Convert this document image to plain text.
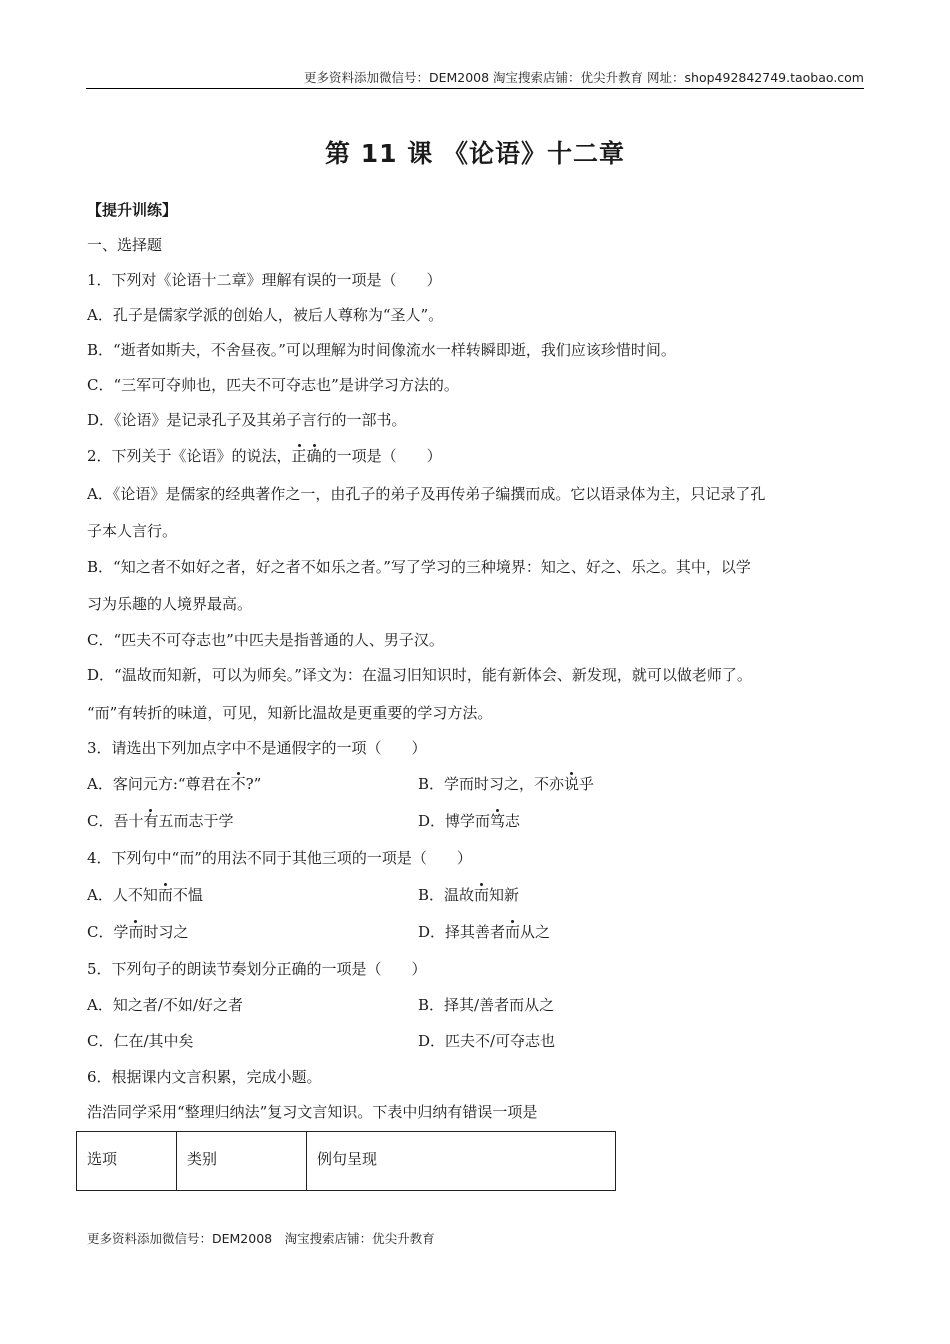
更多资料添加微信号：DEM2008 淘宝搜索店铺：优尖升教育 网址：shop492842749.taobao.com
第 11 课 《论语》十二章
【提升训练】
一、选择题
1．下列对《论语十二章》理解有误的一项是（　　）
A．孔子是儒家学派的创始人，被后人尊称为“圣人”。
B．“逝者如斯夫，不舍昼夜。”可以理解为时间像流水一样转瞬即逝，我们应该珍惜时间。
C．“三军可夺帅也，匹夫不可夺志也”是讲学习方法的。
D．《论语》是记录孔子及其弟子言行的一部书。
2．下列关于《论语》的说法，正确的一项是（　　）
A．《论语》是儒家的经典著作之一，由孔子的弟子及再传弟子编撰而成。它以语录体为主，只记录了孔
子本人言行。
B．“知之者不如好之者，好之者不如乐之者。”写了学习的三种境界：知之、好之、乐之。其中，以学
习为乐趣的人境界最高。
C．“匹夫不可夺志也”中匹夫是指普通的人、男子汉。
D．“温故而知新，可以为师矣。”译文为：在温习旧知识时，能有新体会、新发现，就可以做老师了。
“而”有转折的味道，可见，知新比温故是更重要的学习方法。
3．请选出下列加点字中不是通假字的一项（　　）
A．客问元方:“尊君在不?”	B．学而时习之，不亦说乎
C．吾十有五而志于学	D．博学而笃志
4．下列句中“而”的用法不同于其他三项的一项是（　　）
A．人不知而不愠	B．温故而知新
C．学而时习之	D．择其善者而从之
5．下列句子的朗读节奏划分正确的一项是（　　）
A．知之者/不如/好之者	B．择其/善者而从之
C．仁在/其中矣	D．匹夫不/可夺志也
6．根据课内文言积累，完成小题。
浩浩同学采用“整理归纳法”复习文言知识。下表中归纳有错误一项是
选项	类别	例句呈现
更多资料添加微信号：DEM2008　淘宝搜索店铺：优尖升教育
